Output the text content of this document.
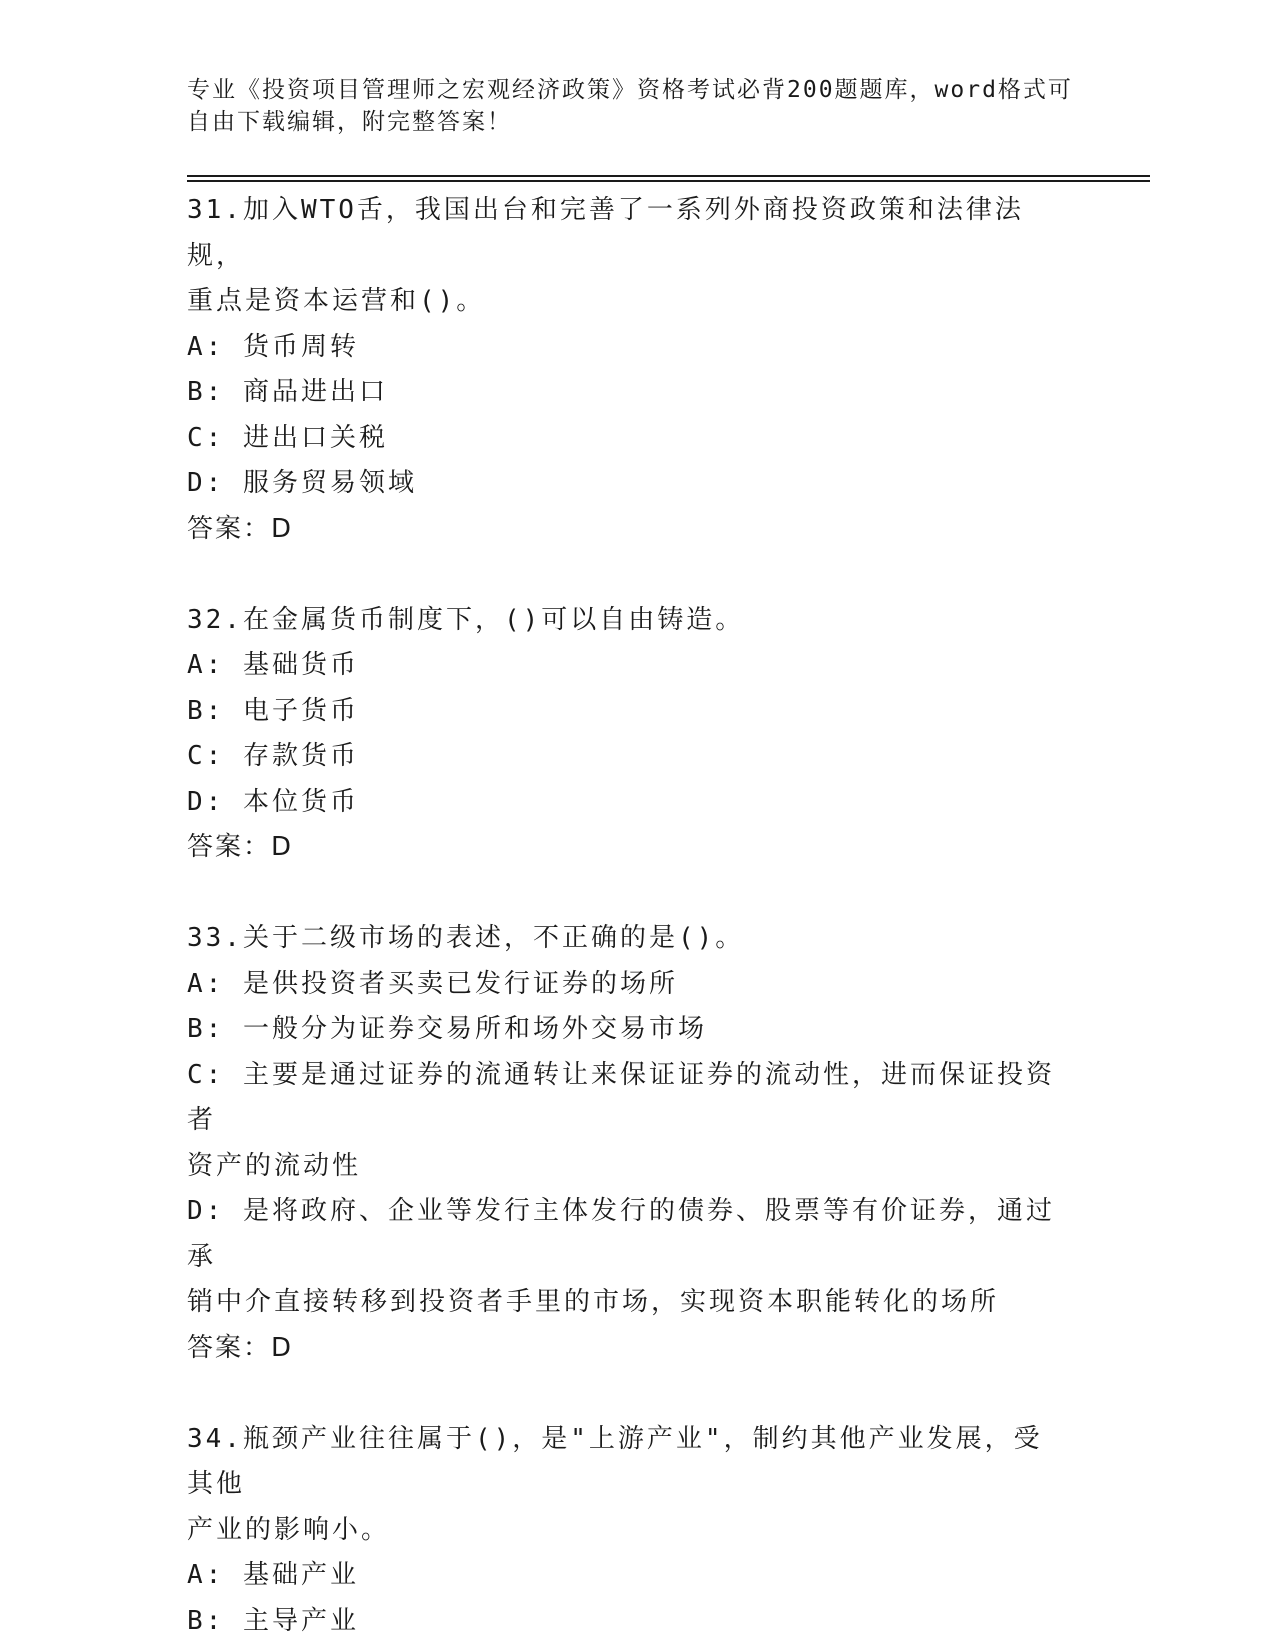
专业《投资项目管理师之宏观经济政策》资格考试必背200题题库，word格式可
自由下载编辑，附完整答案！
31.加入WTO舌，我国出台和完善了一系列外商投资政策和法律法规，
重点是资本运营和()。
A: 货币周转
B: 商品进出口
C: 进出口关税
D: 服务贸易领域
答案：D
32.在金属货币制度下，()可以自由铸造。
A: 基础货币
B: 电子货币
C: 存款货币
D: 本位货币
答案：D
33.关于二级市场的表述，不正确的是()。
A: 是供投资者买卖已发行证券的场所
B: 一般分为证券交易所和场外交易市场
C: 主要是通过证券的流通转让来保证证券的流动性，进而保证投资者
资产的流动性
D: 是将政府、企业等发行主体发行的债券、股票等有价证券，通过承
销中介直接转移到投资者手里的市场，实现资本职能转化的场所
答案：D
34.瓶颈产业往往属于()，是"上游产业"，制约其他产业发展，受其他
产业的影响小。
A: 基础产业
B: 主导产业
